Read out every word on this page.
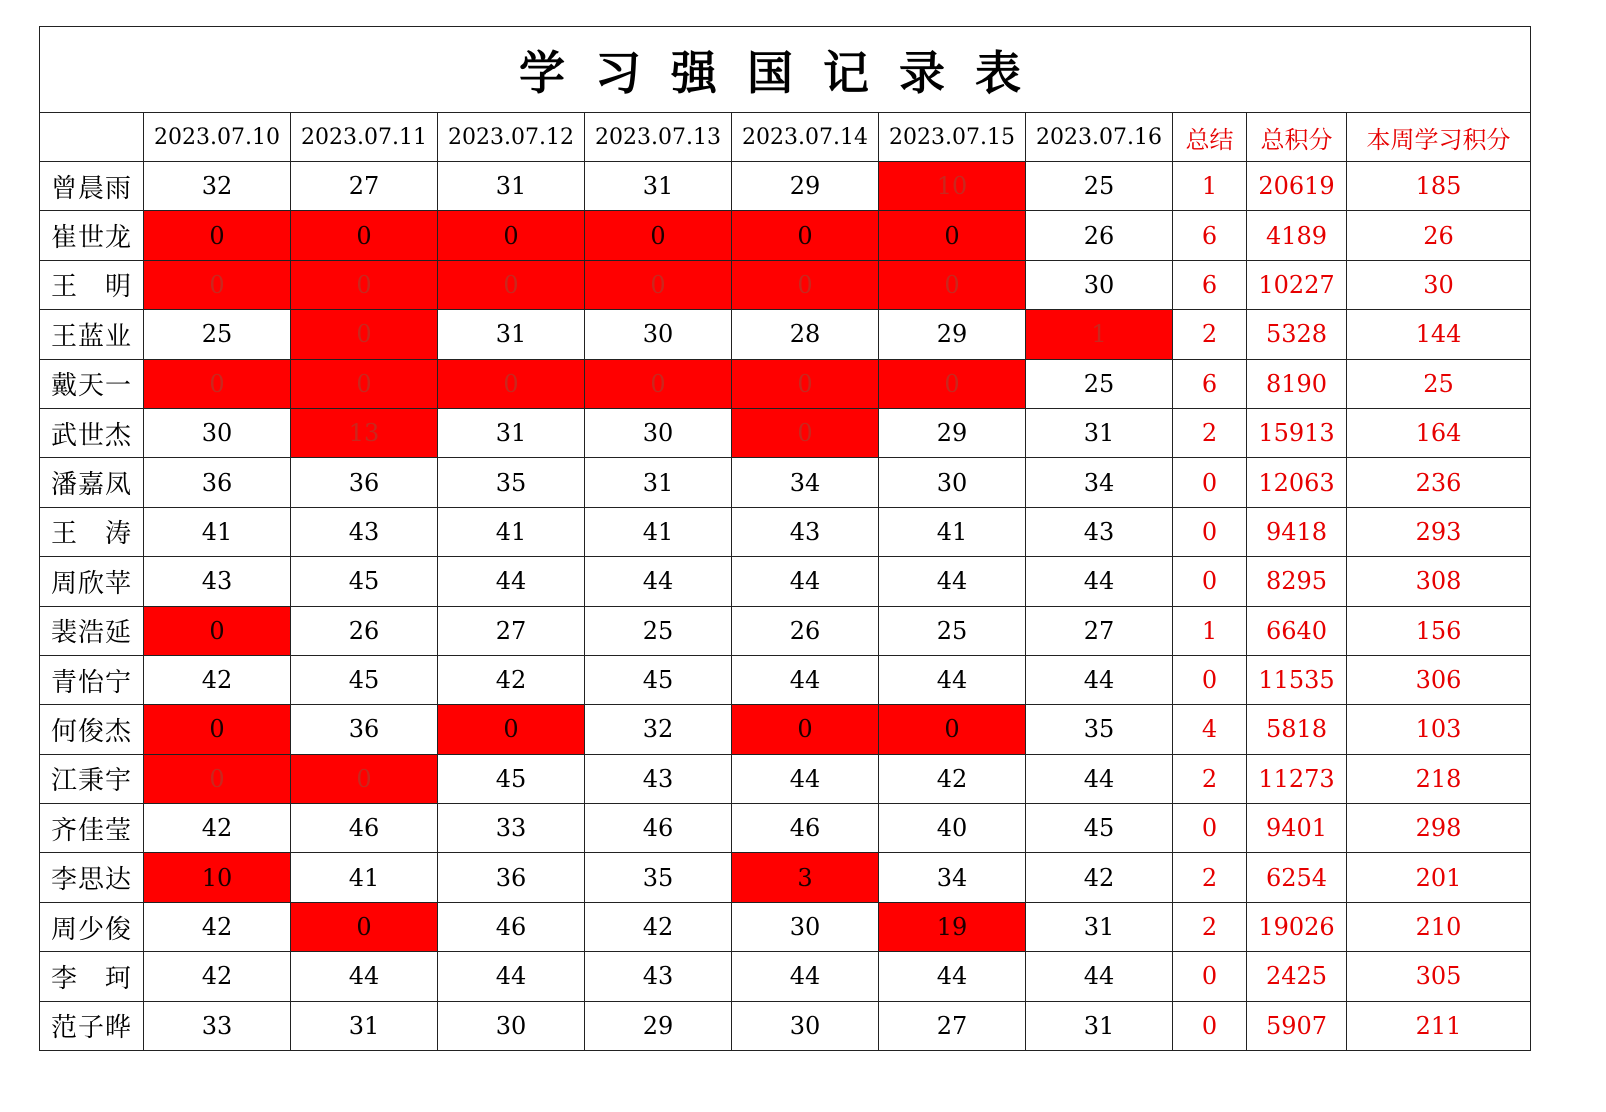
学习强国记录表										
	2023.07.10	2023.07.11	2023.07.12	2023.07.13	2023.07.14	2023.07.15	2023.07.16	总结	总积分	本周学习积分
曾晨雨	32	27	31	31	29	10	25	1	20619	185
崔世龙	0	0	0	0	0	0	26	6	4189	26
王　明	0	0	0	0	0	0	30	6	10227	30
王蓝业	25	0	31	30	28	29	1	2	5328	144
戴天一	0	0	0	0	0	0	25	6	8190	25
武世杰	30	13	31	30	0	29	31	2	15913	164
潘嘉凤	36	36	35	31	34	30	34	0	12063	236
王　涛	41	43	41	41	43	41	43	0	9418	293
周欣苹	43	45	44	44	44	44	44	0	8295	308
裴浩延	0	26	27	25	26	25	27	1	6640	156
青怡宁	42	45	42	45	44	44	44	0	11535	306
何俊杰	0	36	0	32	0	0	35	4	5818	103
江秉宇	0	0	45	43	44	42	44	2	11273	218
齐佳莹	42	46	33	46	46	40	45	0	9401	298
李思达	10	41	36	35	3	34	42	2	6254	201
周少俊	42	0	46	42	30	19	31	2	19026	210
李　珂	42	44	44	43	44	44	44	0	2425	305
范子晔	33	31	30	29	30	27	31	0	5907	211
